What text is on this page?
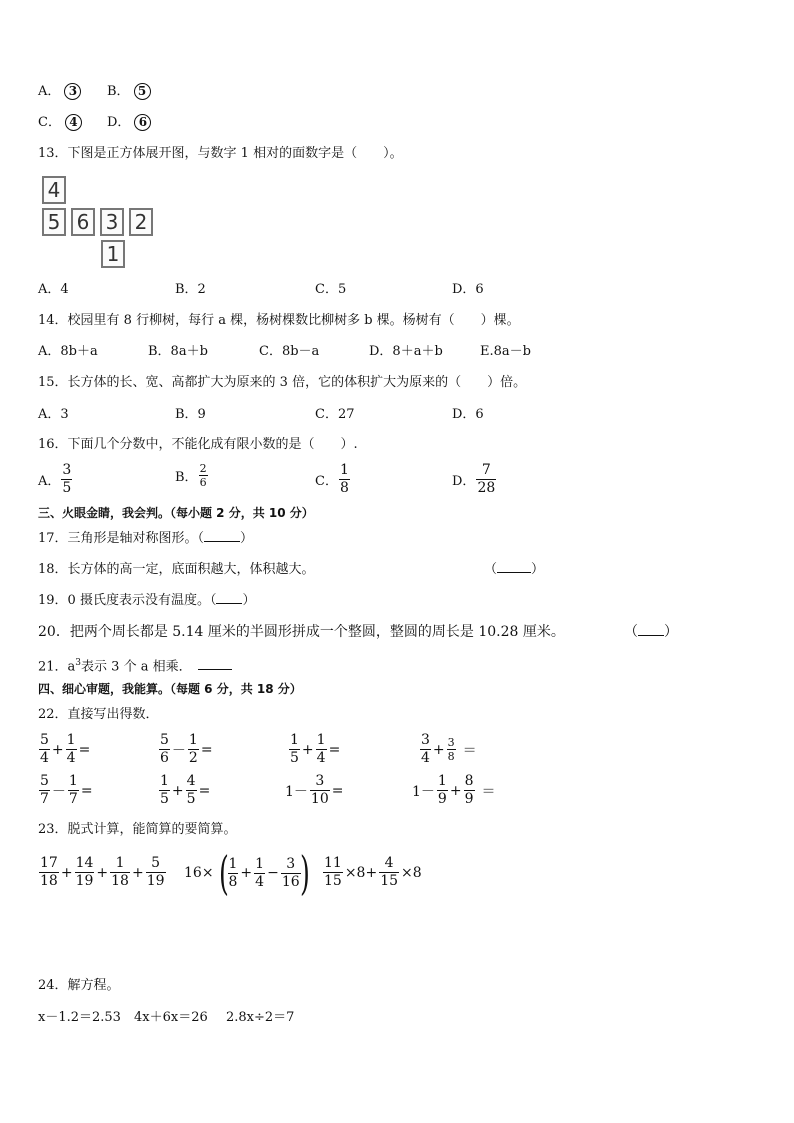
A． 3	B． 5
C． 4	D． 6
13．下图是正方体展开图，与数字 1 相对的面数字是（　　）。
4
5 6 3 2
1
A．4	B．2	C．5	D．6
14．校园里有 8 行柳树，每行 a 棵，杨树棵数比柳树多 b 棵。杨树有（　　）棵。
A．8b＋a	B．8a＋b	C．8b－a	D．8＋a＋b	E.8a－b
15．长方体的长、宽、高都扩大为原来的 3 倍，它的体积扩大为原来的（　　）倍。
A．3	B．9	C．27	D．6
16．下面几个分数中，不能化成有限小数的是（　　）.
A． $\frac{3}{5}$	B． $\frac{2}{6}$	C． $\frac{1}{8}$	D． $\frac{7}{28}$
三、火眼金睛，我会判。（每小题 2 分，共 10 分）
17．三角形是轴对称图形。（	）
18．长方体的高一定，底面积越大，体积越大。	（	）
19．0 摄氏度表示没有温度。（ ）
20．把两个周长都是 5.14 厘米的半圆形拼成一个整圆，整圆的周长是 10.28 厘米。	（ ）
21．$a^3$表示 3 个 a 相乘．
四、细心审题，我能算。（每题 6 分，共 18 分）
22．直接写出得数．
$\frac{5}{4} + \frac{1}{4}$ =	$\frac{5}{6} - \frac{1}{2}$ =	$\frac{1}{5} + \frac{1}{4}$ =	$\frac{3}{4} + \frac{3}{8}$ ＝
$\frac{5}{7} - \frac{1}{7}$ =	$\frac{1}{5} + \frac{4}{5}$ =	$1- \frac{3}{10}$ =	$1- \frac{1}{9} + \frac{8}{9}$ ＝
23．脱式计算，能简算的要简算。
$\frac{17}{18} + \frac{14}{19} + \frac{1}{18} + \frac{5}{19} 16\times$ ( $\frac{1}{8} + \frac{1}{4} - \frac{3}{16}$ ) $\frac{11}{15} \times 8+ \frac{4}{15} \times 8$
24．解方程。
x－1.2＝2.53 4x＋6x＝26 2.8x÷2＝7
